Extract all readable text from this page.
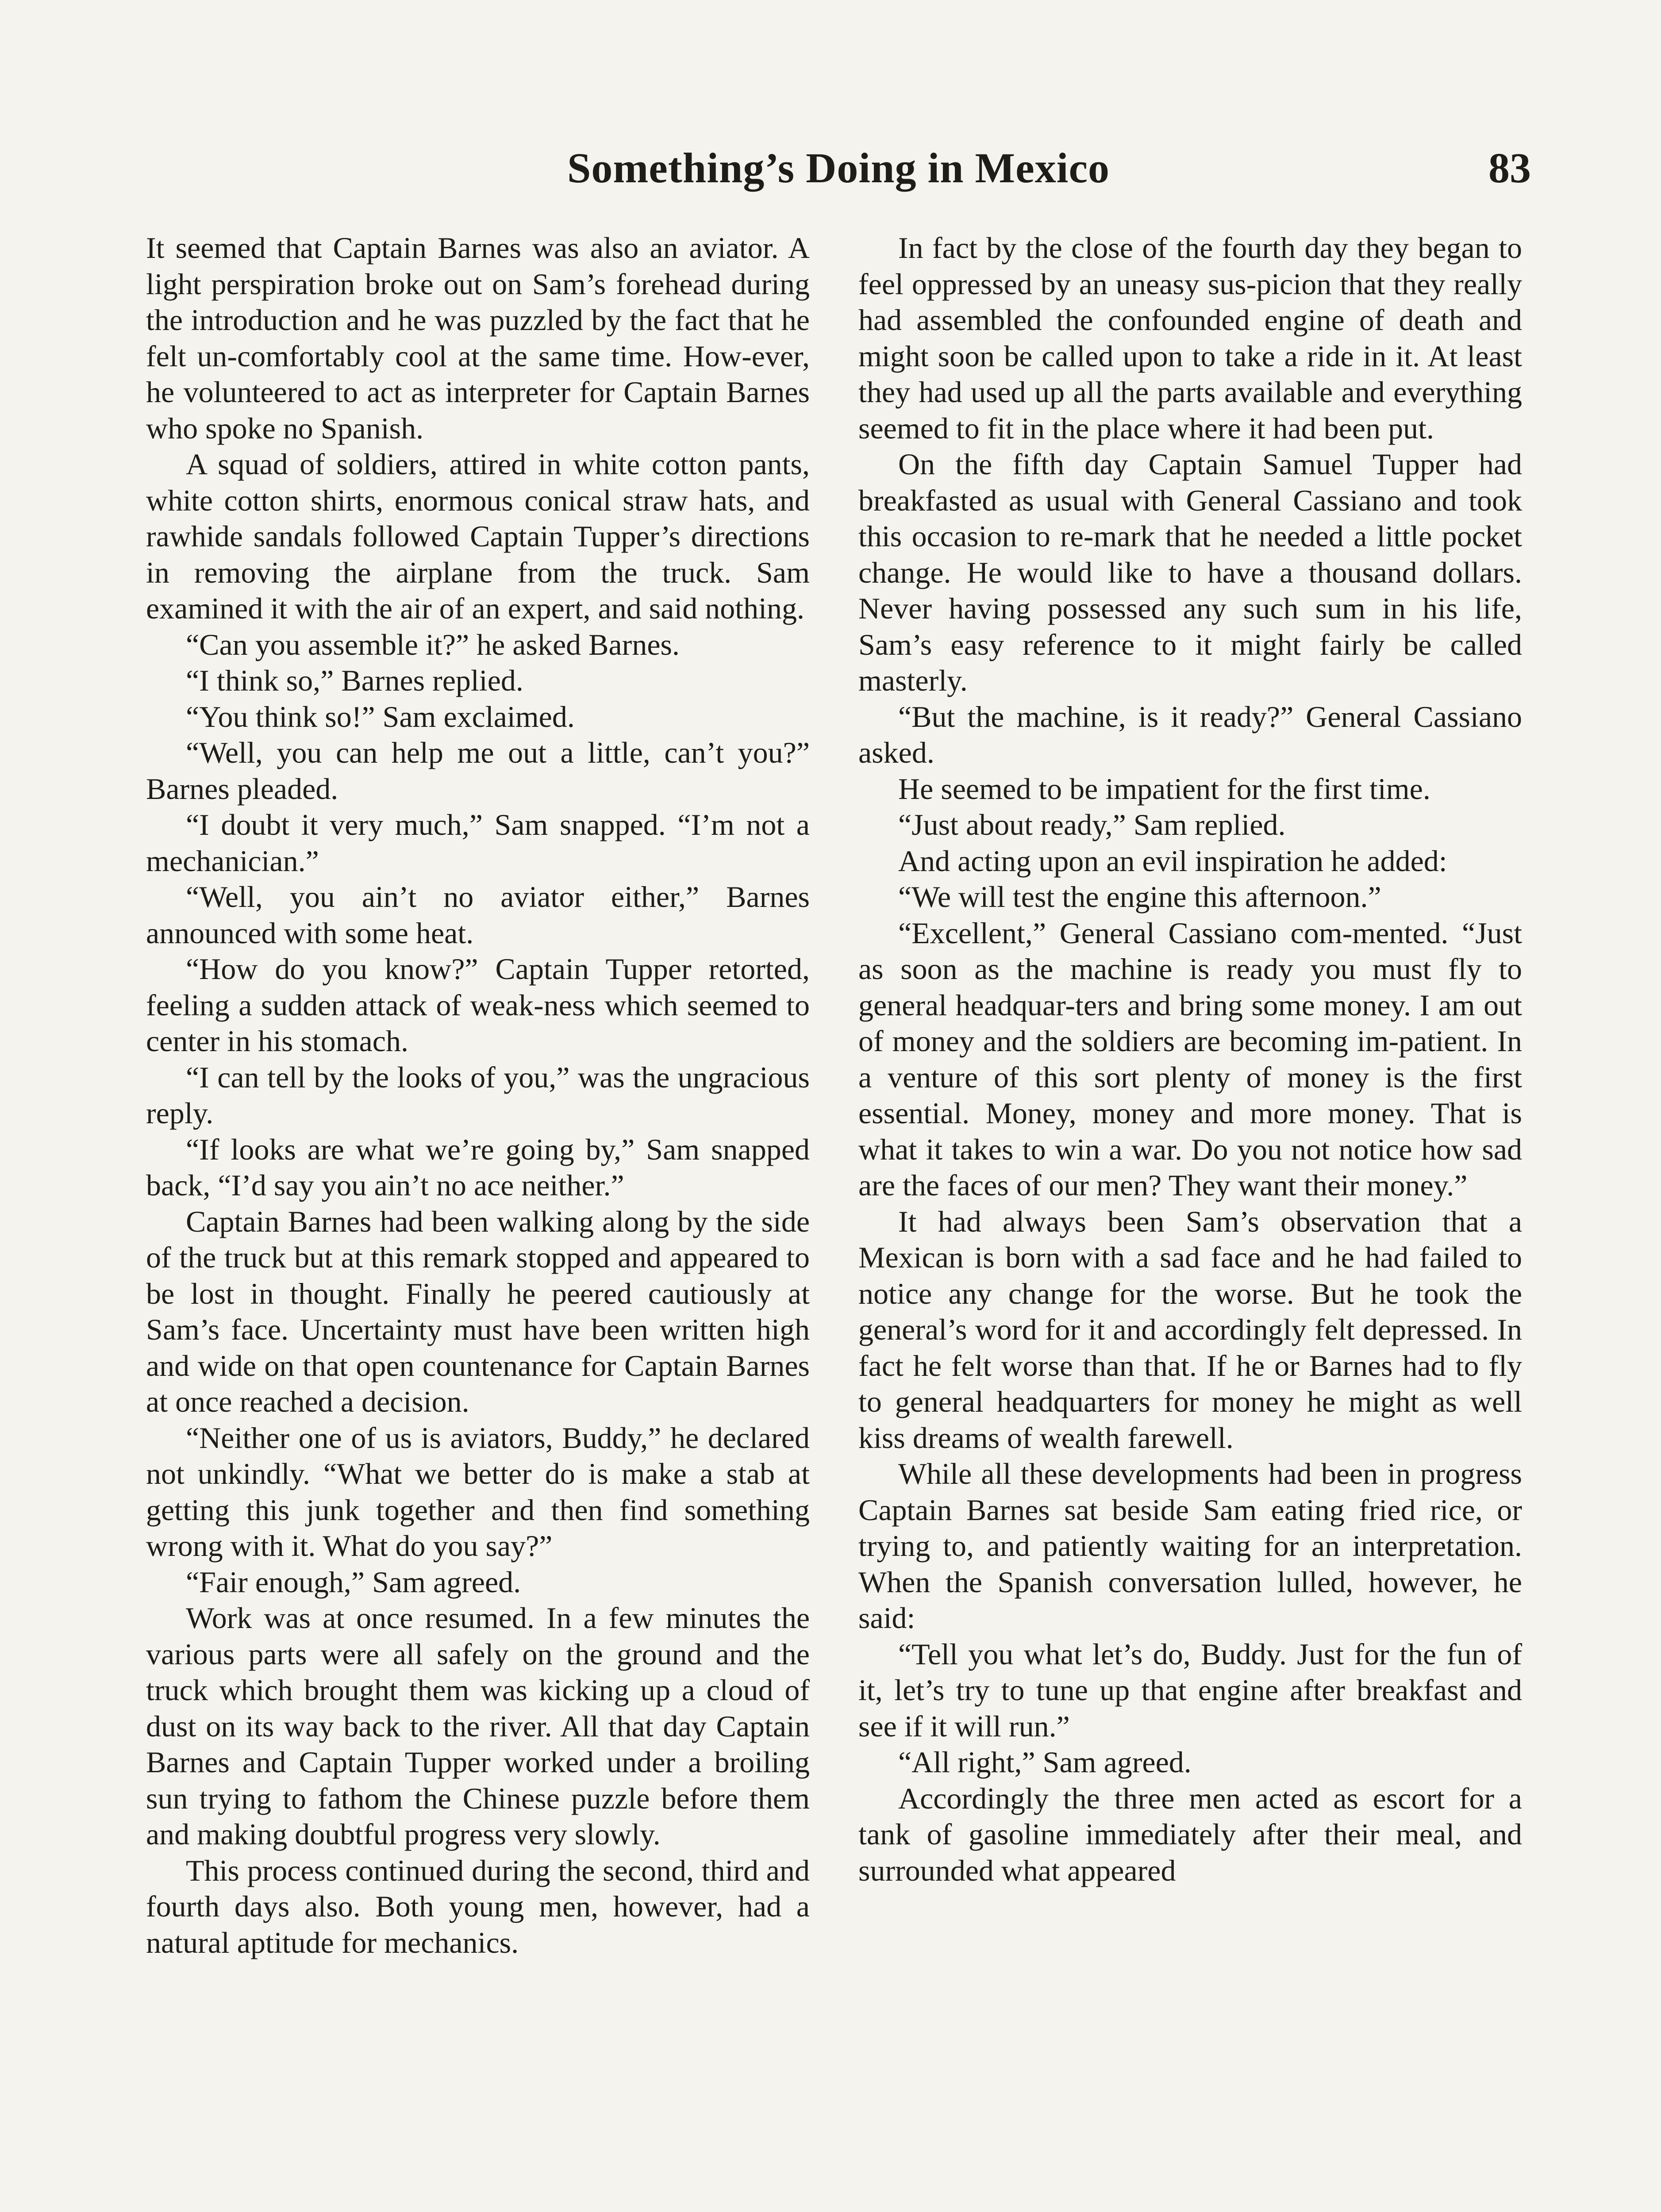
Something’s Doing in Mexico	83

It seemed that Captain Barnes was also an aviator. A light perspiration broke out on Sam’s forehead during the introduction and he was puzzled by the fact that he felt un-comfortably cool at the same time. How-ever, he volunteered to act as interpreter for Captain Barnes who spoke no Spanish.

A squad of soldiers, attired in white cotton pants, white cotton shirts, enormous conical straw hats, and rawhide sandals followed Captain Tupper’s directions in removing the airplane from the truck. Sam examined it with the air of an expert, and said nothing.

“Can you assemble it?” he asked Barnes.

“I think so,” Barnes replied.

“You think so!” Sam exclaimed.

“Well, you can help me out a little, can’t you?” Barnes pleaded.

“I doubt it very much,” Sam snapped. “I’m not a mechanician.”

“Well, you ain’t no aviator either,” Barnes announced with some heat.

“How do you know?” Captain Tupper retorted, feeling a sudden attack of weak-ness which seemed to center in his stomach.

“I can tell by the looks of you,” was the ungracious reply.

“If looks are what we’re going by,” Sam snapped back, “I’d say you ain’t no ace neither.”

Captain Barnes had been walking along by the side of the truck but at this remark stopped and appeared to be lost in thought. Finally he peered cautiously at Sam’s face. Uncertainty must have been written high and wide on that open countenance for Captain Barnes at once reached a decision.

“Neither one of us is aviators, Buddy,” he declared not unkindly. “What we better do is make a stab at getting this junk together and then find something wrong with it. What do you say?”

“Fair enough,” Sam agreed.

Work was at once resumed. In a few minutes the various parts were all safely on the ground and the truck which brought them was kicking up a cloud of dust on its way back to the river. All that day Captain Barnes and Captain Tupper worked under a broiling sun trying to fathom the Chinese puzzle before them and making doubtful progress very slowly.

This process continued during the second, third and fourth days also. Both young men, however, had a natural aptitude for mechanics.

In fact by the close of the fourth day they began to feel oppressed by an uneasy sus-picion that they really had assembled the confounded engine of death and might soon be called upon to take a ride in it. At least they had used up all the parts available and everything seemed to fit in the place where it had been put.

On the fifth day Captain Samuel Tupper had breakfasted as usual with General Cassiano and took this occasion to re-mark that he needed a little pocket change. He would like to have a thousand dollars. Never having possessed any such sum in his life, Sam’s easy reference to it might fairly be called masterly.

“But the machine, is it ready?” General Cassiano asked.

He seemed to be impatient for the first time.

“Just about ready,” Sam replied.

And acting upon an evil inspiration he added:

“We will test the engine this afternoon.”

“Excellent,” General Cassiano com-mented. “Just as soon as the machine is ready you must fly to general headquar-ters and bring some money. I am out of money and the soldiers are becoming im-patient. In a venture of this sort plenty of money is the first essential. Money, money and more money. That is what it takes to win a war. Do you not notice how sad are the faces of our men? They want their money.”

It had always been Sam’s observation that a Mexican is born with a sad face and he had failed to notice any change for the worse. But he took the general’s word for it and accordingly felt depressed. In fact he felt worse than that. If he or Barnes had to fly to general headquarters for money he might as well kiss dreams of wealth farewell.

While all these developments had been in progress Captain Barnes sat beside Sam eating fried rice, or trying to, and patiently waiting for an interpretation. When the Spanish conversation lulled, however, he said:

“Tell you what let’s do, Buddy. Just for the fun of it, let’s try to tune up that engine after breakfast and see if it will run.”

“All right,” Sam agreed.

Accordingly the three men acted as escort for a tank of gasoline immediately after their meal, and surrounded what appeared
